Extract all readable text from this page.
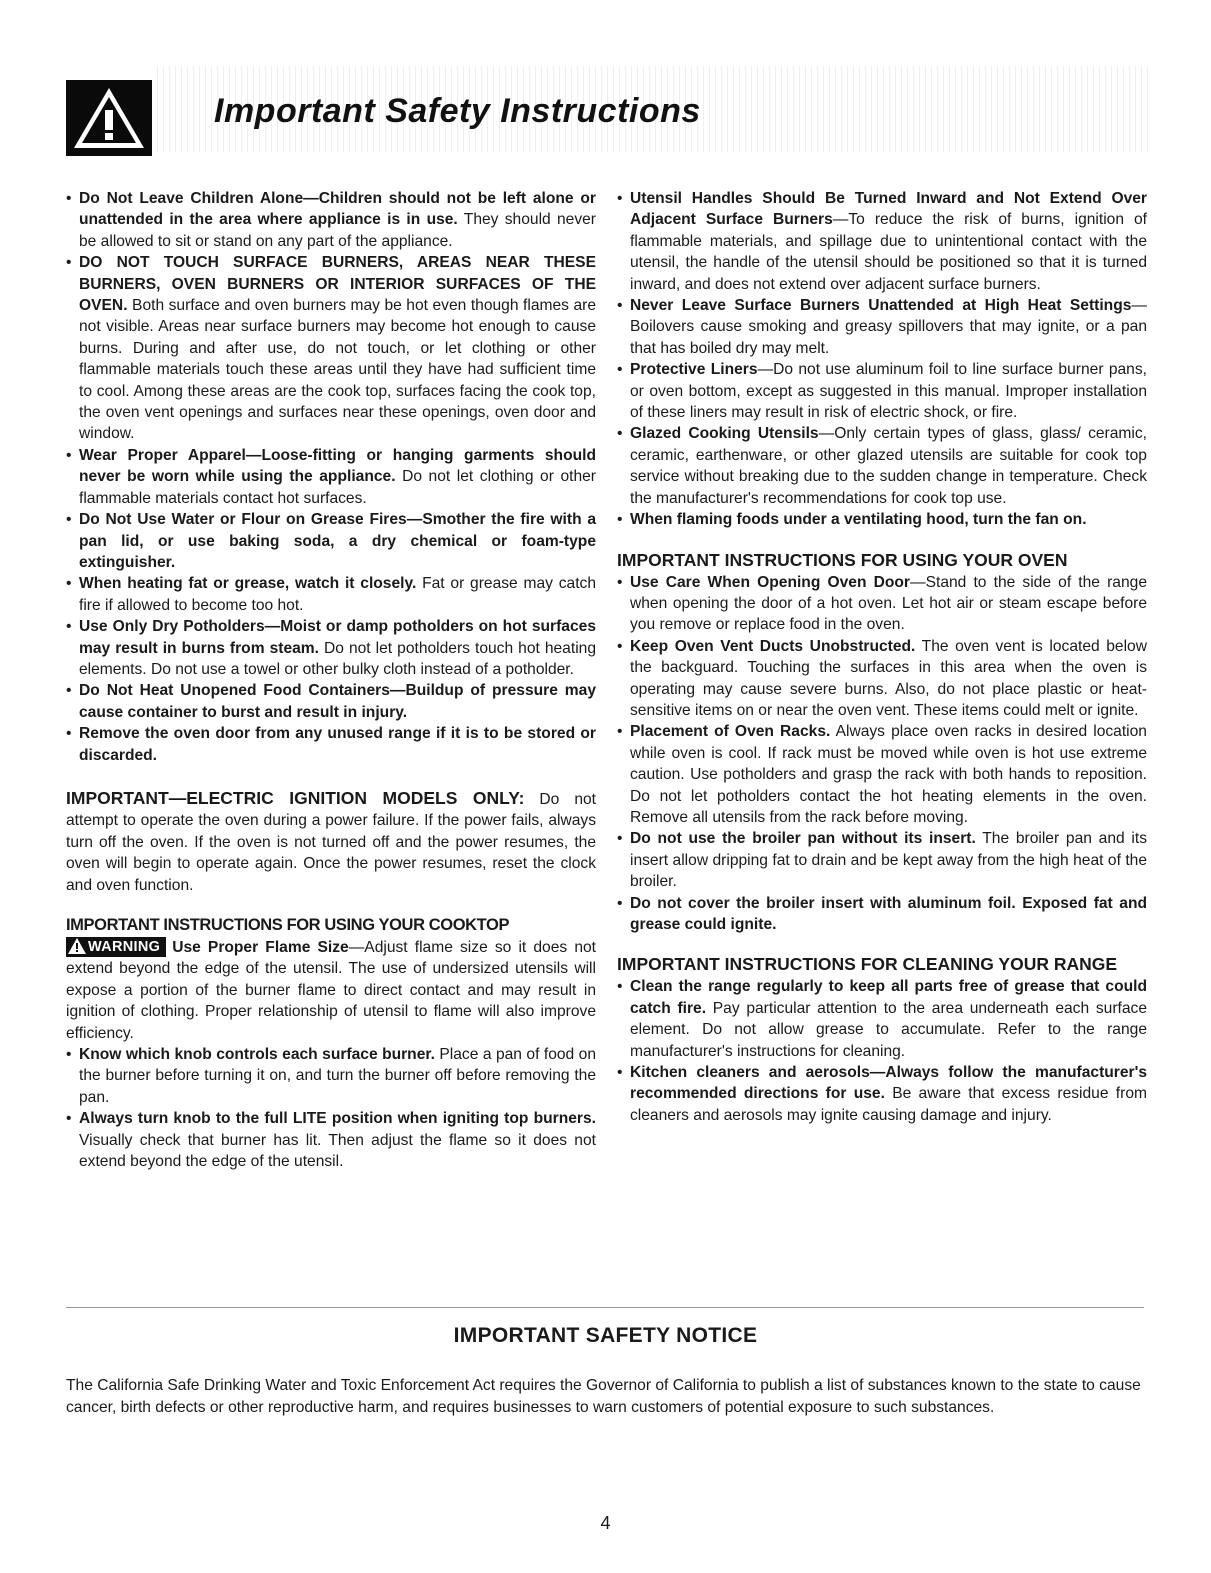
Important Safety Instructions
• Do Not Leave Children Alone—Children should not be left alone or unattended in the area where appliance is in use. They should never be allowed to sit or stand on any part of the appliance.
• DO NOT TOUCH SURFACE BURNERS, AREAS NEAR THESE BURNERS, OVEN BURNERS OR INTERIOR SURFACES OF THE OVEN. Both surface and oven burners may be hot even though flames are not visible. Areas near surface burners may become hot enough to cause burns. During and after use, do not touch, or let clothing or other flammable materials touch these areas until they have had sufficient time to cool. Among these areas are the cook top, surfaces facing the cook top, the oven vent openings and surfaces near these openings, oven door and window.
• Wear Proper Apparel—Loose-fitting or hanging garments should never be worn while using the appliance. Do not let clothing or other flammable materials contact hot surfaces.
• Do Not Use Water or Flour on Grease Fires—Smother the fire with a pan lid, or use baking soda, a dry chemical or foam-type extinguisher.
• When heating fat or grease, watch it closely. Fat or grease may catch fire if allowed to become too hot.
• Use Only Dry Potholders—Moist or damp potholders on hot surfaces may result in burns from steam. Do not let potholders touch hot heating elements. Do not use a towel or other bulky cloth instead of a potholder.
• Do Not Heat Unopened Food Containers—Buildup of pressure may cause container to burst and result in injury.
• Remove the oven door from any unused range if it is to be stored or discarded.
IMPORTANT—ELECTRIC IGNITION MODELS ONLY: Do not attempt to operate the oven during a power failure. If the power fails, always turn off the oven. If the oven is not turned off and the power resumes, the oven will begin to operate again. Once the power resumes, reset the clock and oven function.
IMPORTANT INSTRUCTIONS FOR USING YOUR COOKTOP
WARNING Use Proper Flame Size—Adjust flame size so it does not extend beyond the edge of the utensil. The use of undersized utensils will expose a portion of the burner flame to direct contact and may result in ignition of clothing. Proper relationship of utensil to flame will also improve efficiency.
• Know which knob controls each surface burner. Place a pan of food on the burner before turning it on, and turn the burner off before removing the pan.
• Always turn knob to the full LITE position when igniting top burners. Visually check that burner has lit. Then adjust the flame so it does not extend beyond the edge of the utensil.
• Utensil Handles Should Be Turned Inward and Not Extend Over Adjacent Surface Burners—To reduce the risk of burns, ignition of flammable materials, and spillage due to unintentional contact with the utensil, the handle of the utensil should be positioned so that it is turned inward, and does not extend over adjacent surface burners.
• Never Leave Surface Burners Unattended at High Heat Settings—Boilovers cause smoking and greasy spillovers that may ignite, or a pan that has boiled dry may melt.
• Protective Liners—Do not use aluminum foil to line surface burner pans, or oven bottom, except as suggested in this manual. Improper installation of these liners may result in risk of electric shock, or fire.
• Glazed Cooking Utensils—Only certain types of glass, glass/ ceramic, ceramic, earthenware, or other glazed utensils are suitable for cook top service without breaking due to the sudden change in temperature. Check the manufacturer's recommendations for cook top use.
• When flaming foods under a ventilating hood, turn the fan on.
IMPORTANT INSTRUCTIONS FOR USING YOUR OVEN
• Use Care When Opening Oven Door—Stand to the side of the range when opening the door of a hot oven. Let hot air or steam escape before you remove or replace food in the oven.
• Keep Oven Vent Ducts Unobstructed. The oven vent is located below the backguard. Touching the surfaces in this area when the oven is operating may cause severe burns. Also, do not place plastic or heat-sensitive items on or near the oven vent. These items could melt or ignite.
• Placement of Oven Racks. Always place oven racks in desired location while oven is cool. If rack must be moved while oven is hot use extreme caution. Use potholders and grasp the rack with both hands to reposition. Do not let potholders contact the hot heating elements in the oven. Remove all utensils from the rack before moving.
• Do not use the broiler pan without its insert. The broiler pan and its insert allow dripping fat to drain and be kept away from the high heat of the broiler.
• Do not cover the broiler insert with aluminum foil. Exposed fat and grease could ignite.
IMPORTANT INSTRUCTIONS FOR CLEANING YOUR RANGE
• Clean the range regularly to keep all parts free of grease that could catch fire. Pay particular attention to the area underneath each surface element. Do not allow grease to accumulate. Refer to the range manufacturer's instructions for cleaning.
• Kitchen cleaners and aerosols—Always follow the manufacturer's recommended directions for use. Be aware that excess residue from cleaners and aerosols may ignite causing damage and injury.
IMPORTANT SAFETY NOTICE

The California Safe Drinking Water and Toxic Enforcement Act requires the Governor of California to publish a list of substances known to the state to cause cancer, birth defects or other reproductive harm, and requires businesses to warn customers of potential exposure to such substances.

4
